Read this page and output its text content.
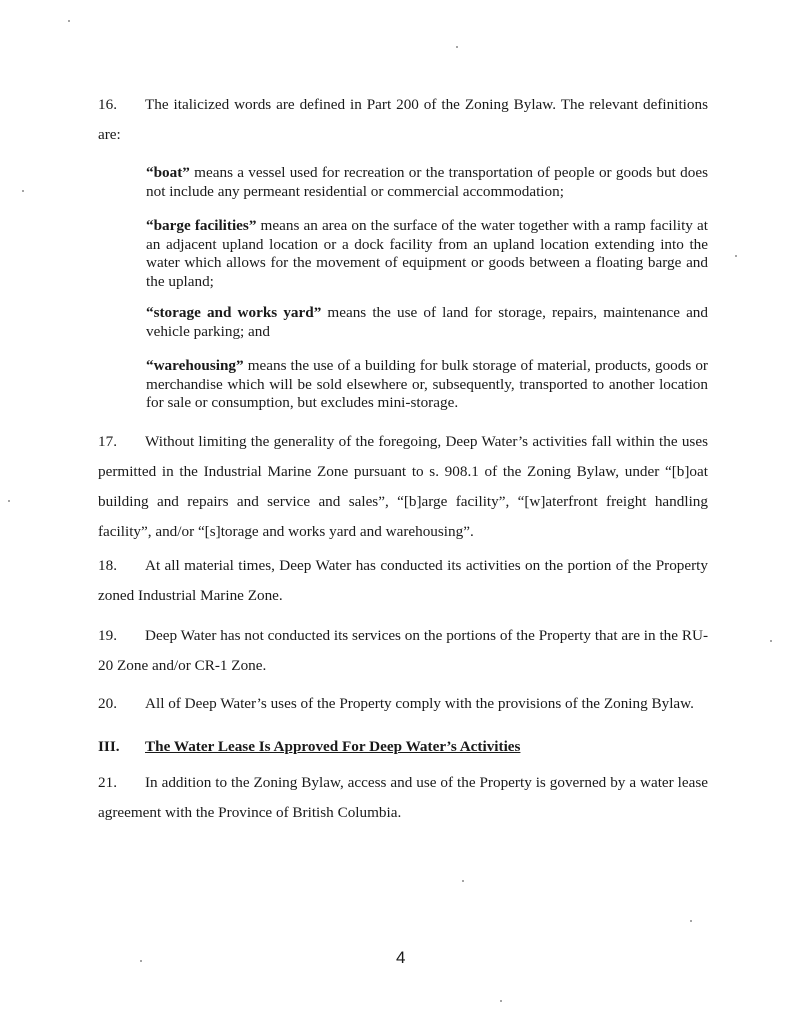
16. The italicized words are defined in Part 200 of the Zoning Bylaw. The relevant definitions are:
“boat” means a vessel used for recreation or the transportation of people or goods but does not include any permeant residential or commercial accommodation;
“barge facilities” means an area on the surface of the water together with a ramp facility at an adjacent upland location or a dock facility from an upland location extending into the water which allows for the movement of equipment or goods between a floating barge and the upland;
“storage and works yard” means the use of land for storage, repairs, maintenance and vehicle parking; and
“warehousing” means the use of a building for bulk storage of material, products, goods or merchandise which will be sold elsewhere or, subsequently, transported to another location for sale or consumption, but excludes mini-storage.
17. Without limiting the generality of the foregoing, Deep Water’s activities fall within the uses permitted in the Industrial Marine Zone pursuant to s. 908.1 of the Zoning Bylaw, under “[b]oat building and repairs and service and sales”, “[b]arge facility”, “[w]aterfront freight handling facility”, and/or “[s]torage and works yard and warehousing”.
18. At all material times, Deep Water has conducted its activities on the portion of the Property zoned Industrial Marine Zone.
19. Deep Water has not conducted its services on the portions of the Property that are in the RU-20 Zone and/or CR-1 Zone.
20. All of Deep Water’s uses of the Property comply with the provisions of the Zoning Bylaw.
III. The Water Lease Is Approved For Deep Water’s Activities
21. In addition to the Zoning Bylaw, access and use of the Property is governed by a water lease agreement with the Province of British Columbia.
4
